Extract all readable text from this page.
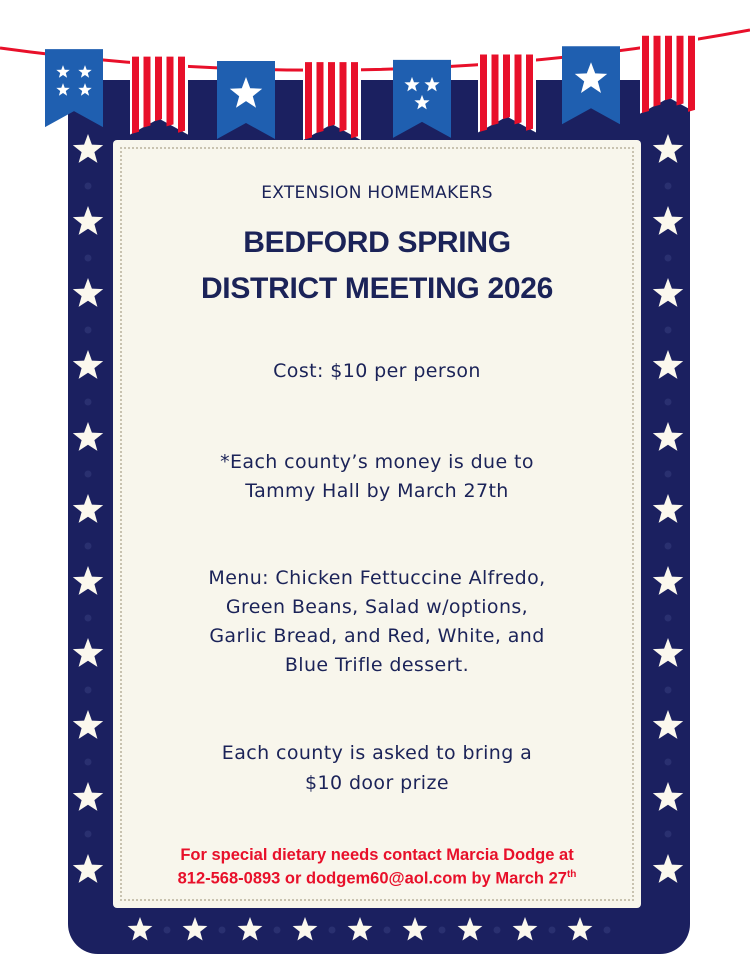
EXTENSION HOMEMAKERS
BEDFORD SPRING
DISTRICT MEETING 2026
Cost: $10 per person
*Each county’s money is due to
Tammy Hall by March 27th
Menu: Chicken Fettuccine Alfredo,
Green Beans, Salad w/options,
Garlic Bread, and Red, White, and
Blue Trifle dessert.
Each county is asked to bring a
$10 door prize
For special dietary needs contact Marcia Dodge at
812-568-0893 or dodgem60@aol.com by March 27th
